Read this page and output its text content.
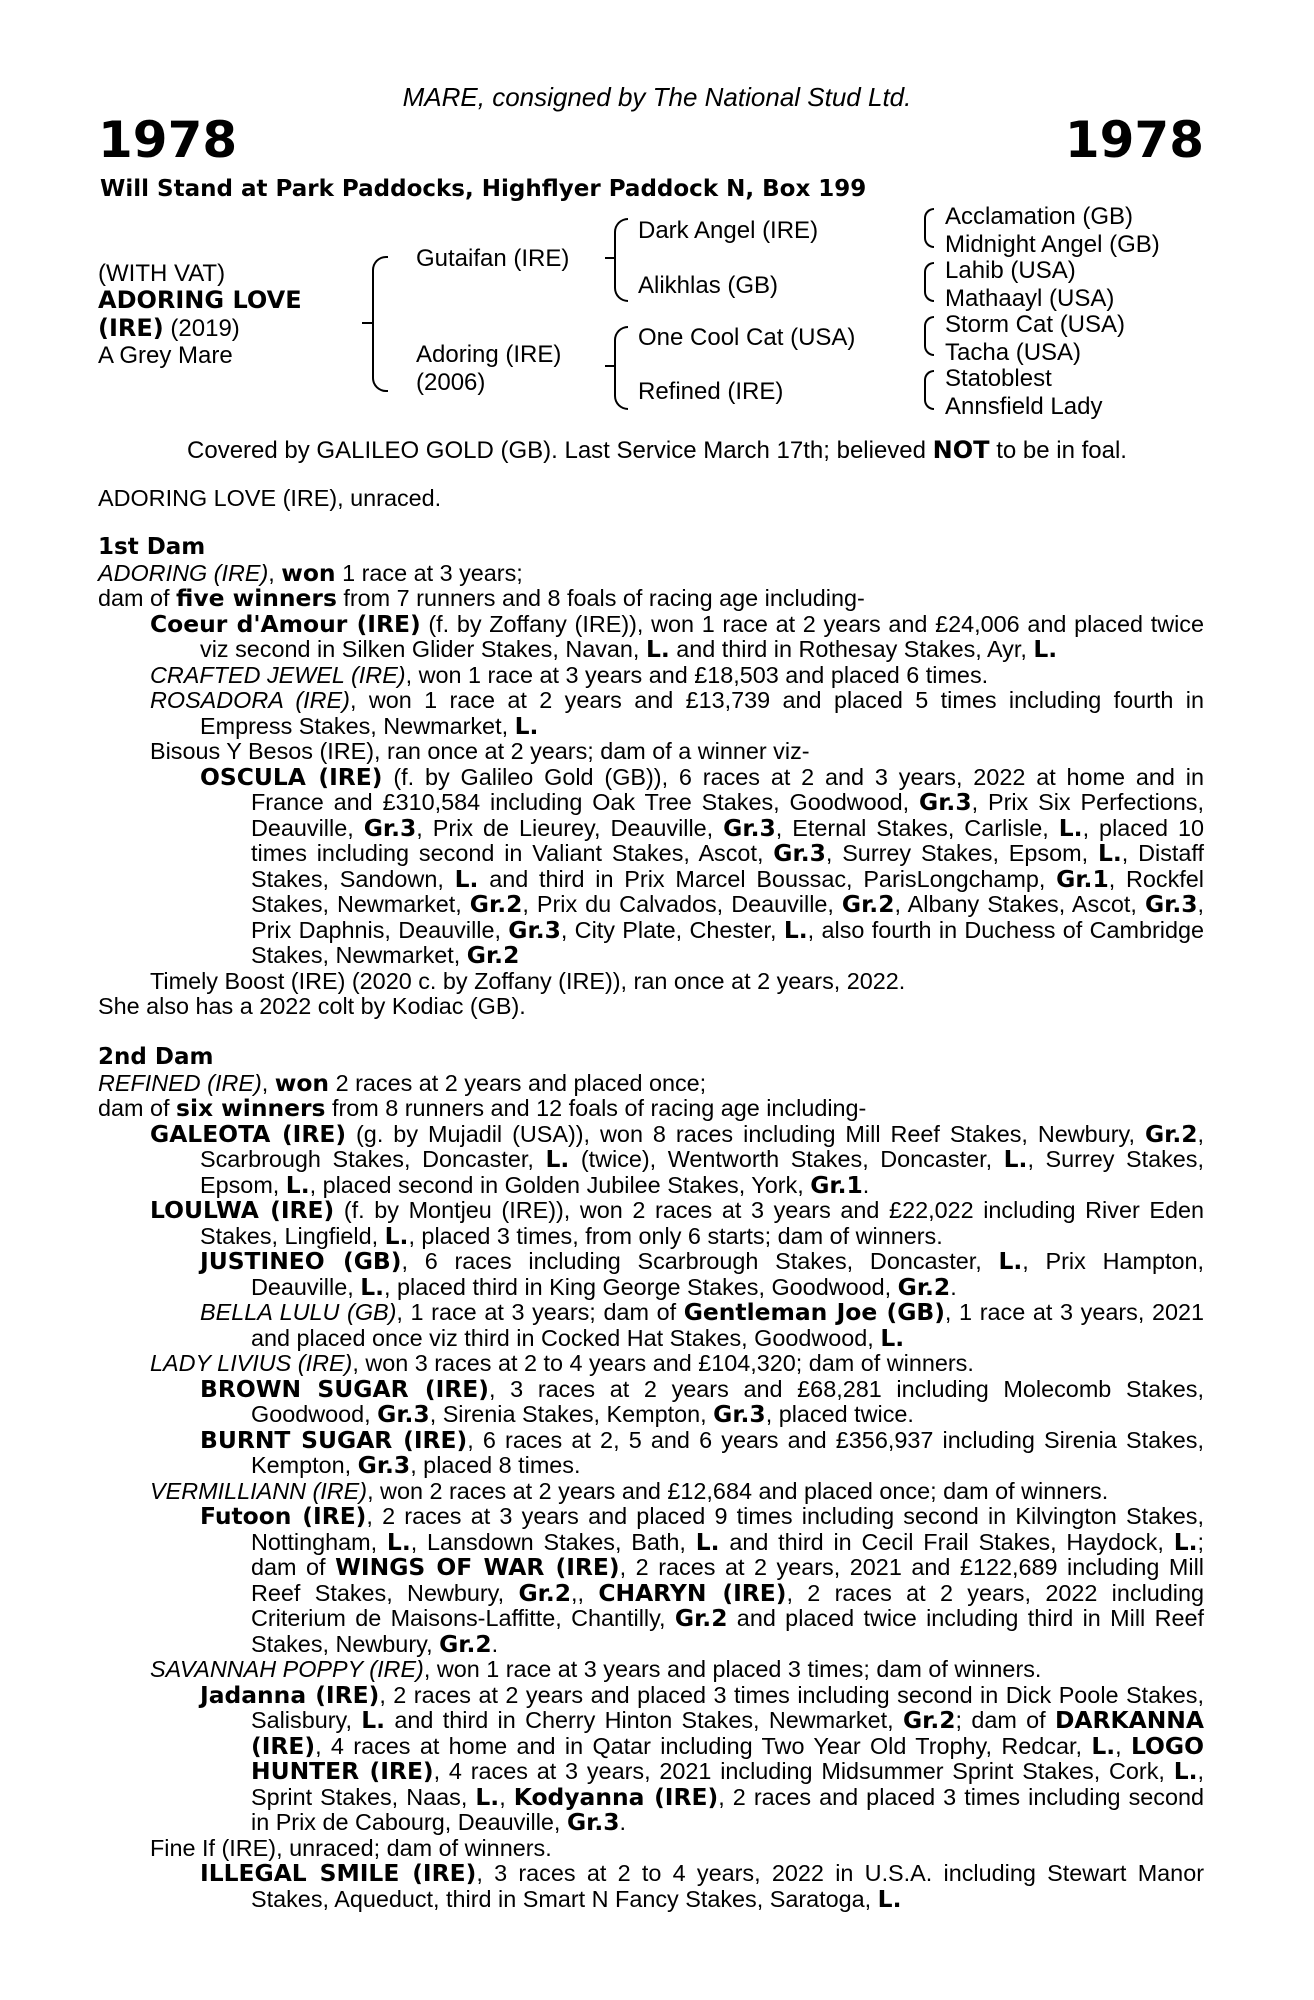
MARE, consigned by The National Stud Ltd.
1978	1978
Will Stand at Park Paddocks, Highflyer Paddock N, Box 199
(WITH VAT)
ADORING LOVE
(IRE) (2019)
A Grey Mare
Gutaifan (IRE)
Adoring (IRE)
(2006)
Dark Angel (IRE)
Alikhlas (GB)
One Cool Cat (USA)
Refined (IRE)
Acclamation (GB)
Midnight Angel (GB)
Lahib (USA)
Mathaayl (USA)
Storm Cat (USA)
Tacha (USA)
Statoblest
Annsfield Lady
Covered by GALILEO GOLD (GB). Last Service March 17th; believed NOT to be in foal.
ADORING LOVE (IRE), unraced.

1st Dam

ADORING (IRE), won 1 race at 3 years;

dam of five winners from 7 runners and 8 foals of racing age including-

Coeur d'Amour (IRE) (f. by Zoffany (IRE)), won 1 race at 2 years and £24,006 and placed twice viz second in Silken Glider Stakes, Navan, L. and third in Rothesay Stakes, Ayr, L.

CRAFTED JEWEL (IRE), won 1 race at 3 years and £18,503 and placed 6 times.

ROSADORA (IRE), won 1 race at 2 years and £13,739 and placed 5 times including fourth in Empress Stakes, Newmarket, L.

Bisous Y Besos (IRE), ran once at 2 years; dam of a winner viz-

OSCULA (IRE) (f. by Galileo Gold (GB)), 6 races at 2 and 3 years, 2022 at home and in France and £310,584 including Oak Tree Stakes, Goodwood, Gr.3, Prix Six Perfections, Deauville, Gr.3, Prix de Lieurey, Deauville, Gr.3, Eternal Stakes, Carlisle, L., placed 10 times including second in Valiant Stakes, Ascot, Gr.3, Surrey Stakes, Epsom, L., Distaff Stakes, Sandown, L. and third in Prix Marcel Boussac, ParisLongchamp, Gr.1, Rockfel Stakes, Newmarket, Gr.2, Prix du Calvados, Deauville, Gr.2, Albany Stakes, Ascot, Gr.3, Prix Daphnis, Deauville, Gr.3, City Plate, Chester, L., also fourth in Duchess of Cambridge Stakes, Newmarket, Gr.2

Timely Boost (IRE) (2020 c. by Zoffany (IRE)), ran once at 2 years, 2022.

She also has a 2022 colt by Kodiac (GB).

2nd Dam

REFINED (IRE), won 2 races at 2 years and placed once;

dam of six winners from 8 runners and 12 foals of racing age including-

GALEOTA (IRE) (g. by Mujadil (USA)), won 8 races including Mill Reef Stakes, Newbury, Gr.2, Scarbrough Stakes, Doncaster, L. (twice), Wentworth Stakes, Doncaster, L., Surrey Stakes, Epsom, L., placed second in Golden Jubilee Stakes, York, Gr.1.

LOULWA (IRE) (f. by Montjeu (IRE)), won 2 races at 3 years and £22,022 including River Eden Stakes, Lingfield, L., placed 3 times, from only 6 starts; dam of winners.

JUSTINEO (GB), 6 races including Scarbrough Stakes, Doncaster, L., Prix Hampton, Deauville, L., placed third in King George Stakes, Goodwood, Gr.2.

BELLA LULU (GB), 1 race at 3 years; dam of Gentleman Joe (GB), 1 race at 3 years, 2021 and placed once viz third in Cocked Hat Stakes, Goodwood, L.

LADY LIVIUS (IRE), won 3 races at 2 to 4 years and £104,320; dam of winners.

BROWN SUGAR (IRE), 3 races at 2 years and £68,281 including Molecomb Stakes, Goodwood, Gr.3, Sirenia Stakes, Kempton, Gr.3, placed twice.

BURNT SUGAR (IRE), 6 races at 2, 5 and 6 years and £356,937 including Sirenia Stakes, Kempton, Gr.3, placed 8 times.

VERMILLIANN (IRE), won 2 races at 2 years and £12,684 and placed once; dam of winners.

Futoon (IRE), 2 races at 3 years and placed 9 times including second in Kilvington Stakes, Nottingham, L., Lansdown Stakes, Bath, L. and third in Cecil Frail Stakes, Haydock, L.; dam of WINGS OF WAR (IRE), 2 races at 2 years, 2021 and £122,689 including Mill Reef Stakes, Newbury, Gr.2,, CHARYN (IRE), 2 races at 2 years, 2022 including Criterium de Maisons-Laffitte, Chantilly, Gr.2 and placed twice including third in Mill Reef Stakes, Newbury, Gr.2.

SAVANNAH POPPY (IRE), won 1 race at 3 years and placed 3 times; dam of winners.

Jadanna (IRE), 2 races at 2 years and placed 3 times including second in Dick Poole Stakes, Salisbury, L. and third in Cherry Hinton Stakes, Newmarket, Gr.2; dam of DARKANNA (IRE), 4 races at home and in Qatar including Two Year Old Trophy, Redcar, L., LOGO HUNTER (IRE), 4 races at 3 years, 2021 including Midsummer Sprint Stakes, Cork, L., Sprint Stakes, Naas, L., Kodyanna (IRE), 2 races and placed 3 times including second in Prix de Cabourg, Deauville, Gr.3.

Fine If (IRE), unraced; dam of winners.

ILLEGAL SMILE (IRE), 3 races at 2 to 4 years, 2022 in U.S.A. including Stewart Manor Stakes, Aqueduct, third in Smart N Fancy Stakes, Saratoga, L.
